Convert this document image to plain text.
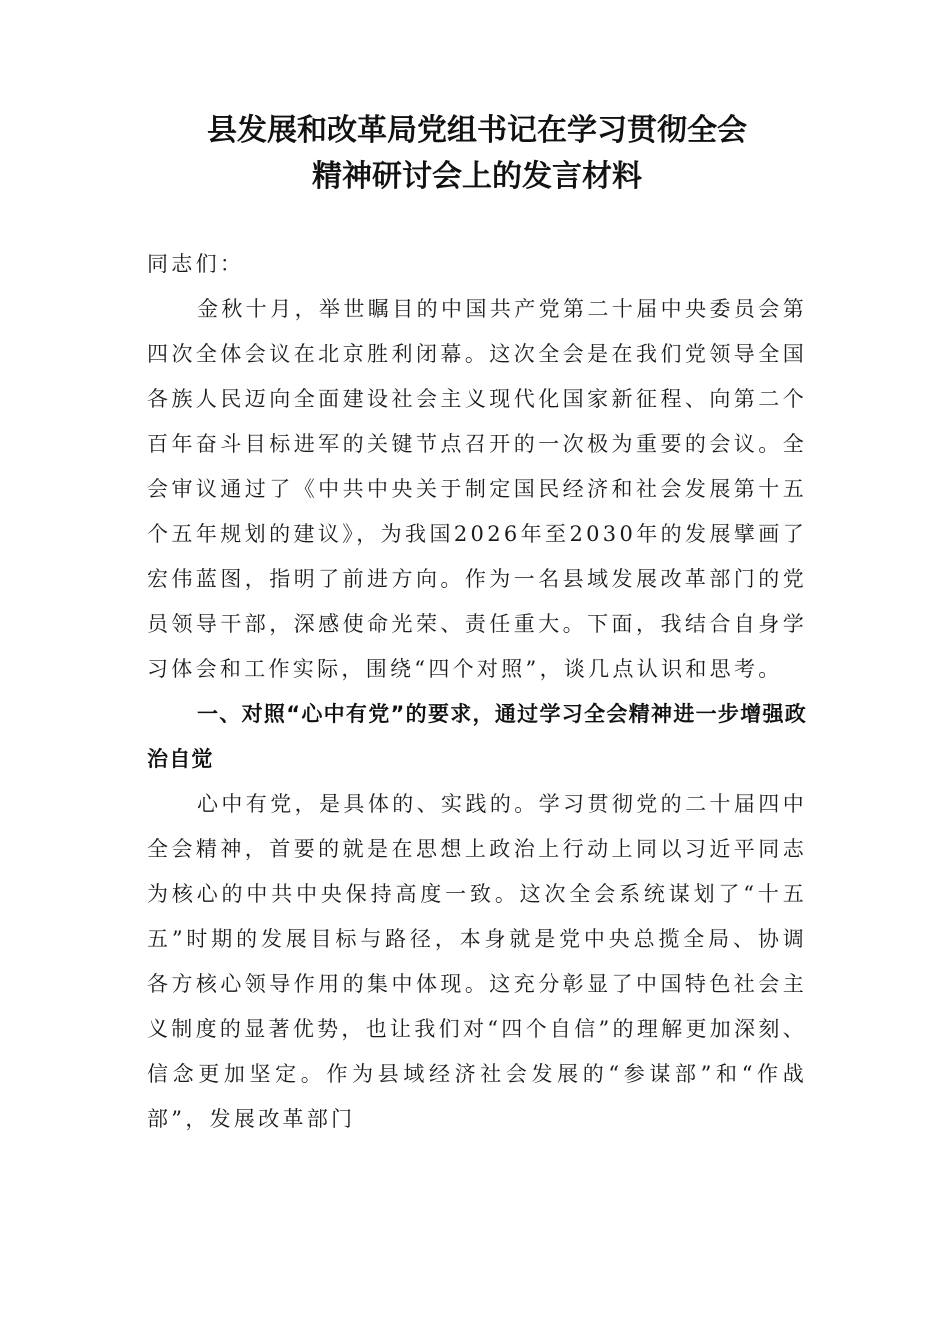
县发展和改革局党组书记在学习贯彻全会
精神研讨会上的发言材料

同志们：

金秋十月，举世瞩目的中国共产党第二十届中央委员会第四次全体会议在北京胜利闭幕。这次全会是在我们党领导全国各族人民迈向全面建设社会主义现代化国家新征程、向第二个百年奋斗目标进军的关键节点召开的一次极为重要的会议。全会审议通过了《中共中央关于制定国民经济和社会发展第十五个五年规划的建议》，为我国2026年至2030年的发展擘画了宏伟蓝图，指明了前进方向。作为一名县域发展改革部门的党员领导干部，深感使命光荣、责任重大。下面，我结合自身学习体会和工作实际，围绕“四个对照”，谈几点认识和思考。

一、对照“心中有党”的要求，通过学习全会精神进一步增强政治自觉

心中有党，是具体的、实践的。学习贯彻党的二十届四中全会精神，首要的就是在思想上政治上行动上同以习近平同志为核心的中共中央保持高度一致。这次全会系统谋划了“十五五”时期的发展目标与路径，本身就是党中央总揽全局、协调各方核心领导作用的集中体现。这充分彰显了中国特色社会主义制度的显著优势，也让我们对“四个自信”的理解更加深刻、信念更加坚定。作为县域经济社会发展的“参谋部”和“作战部”，发展改革部门
